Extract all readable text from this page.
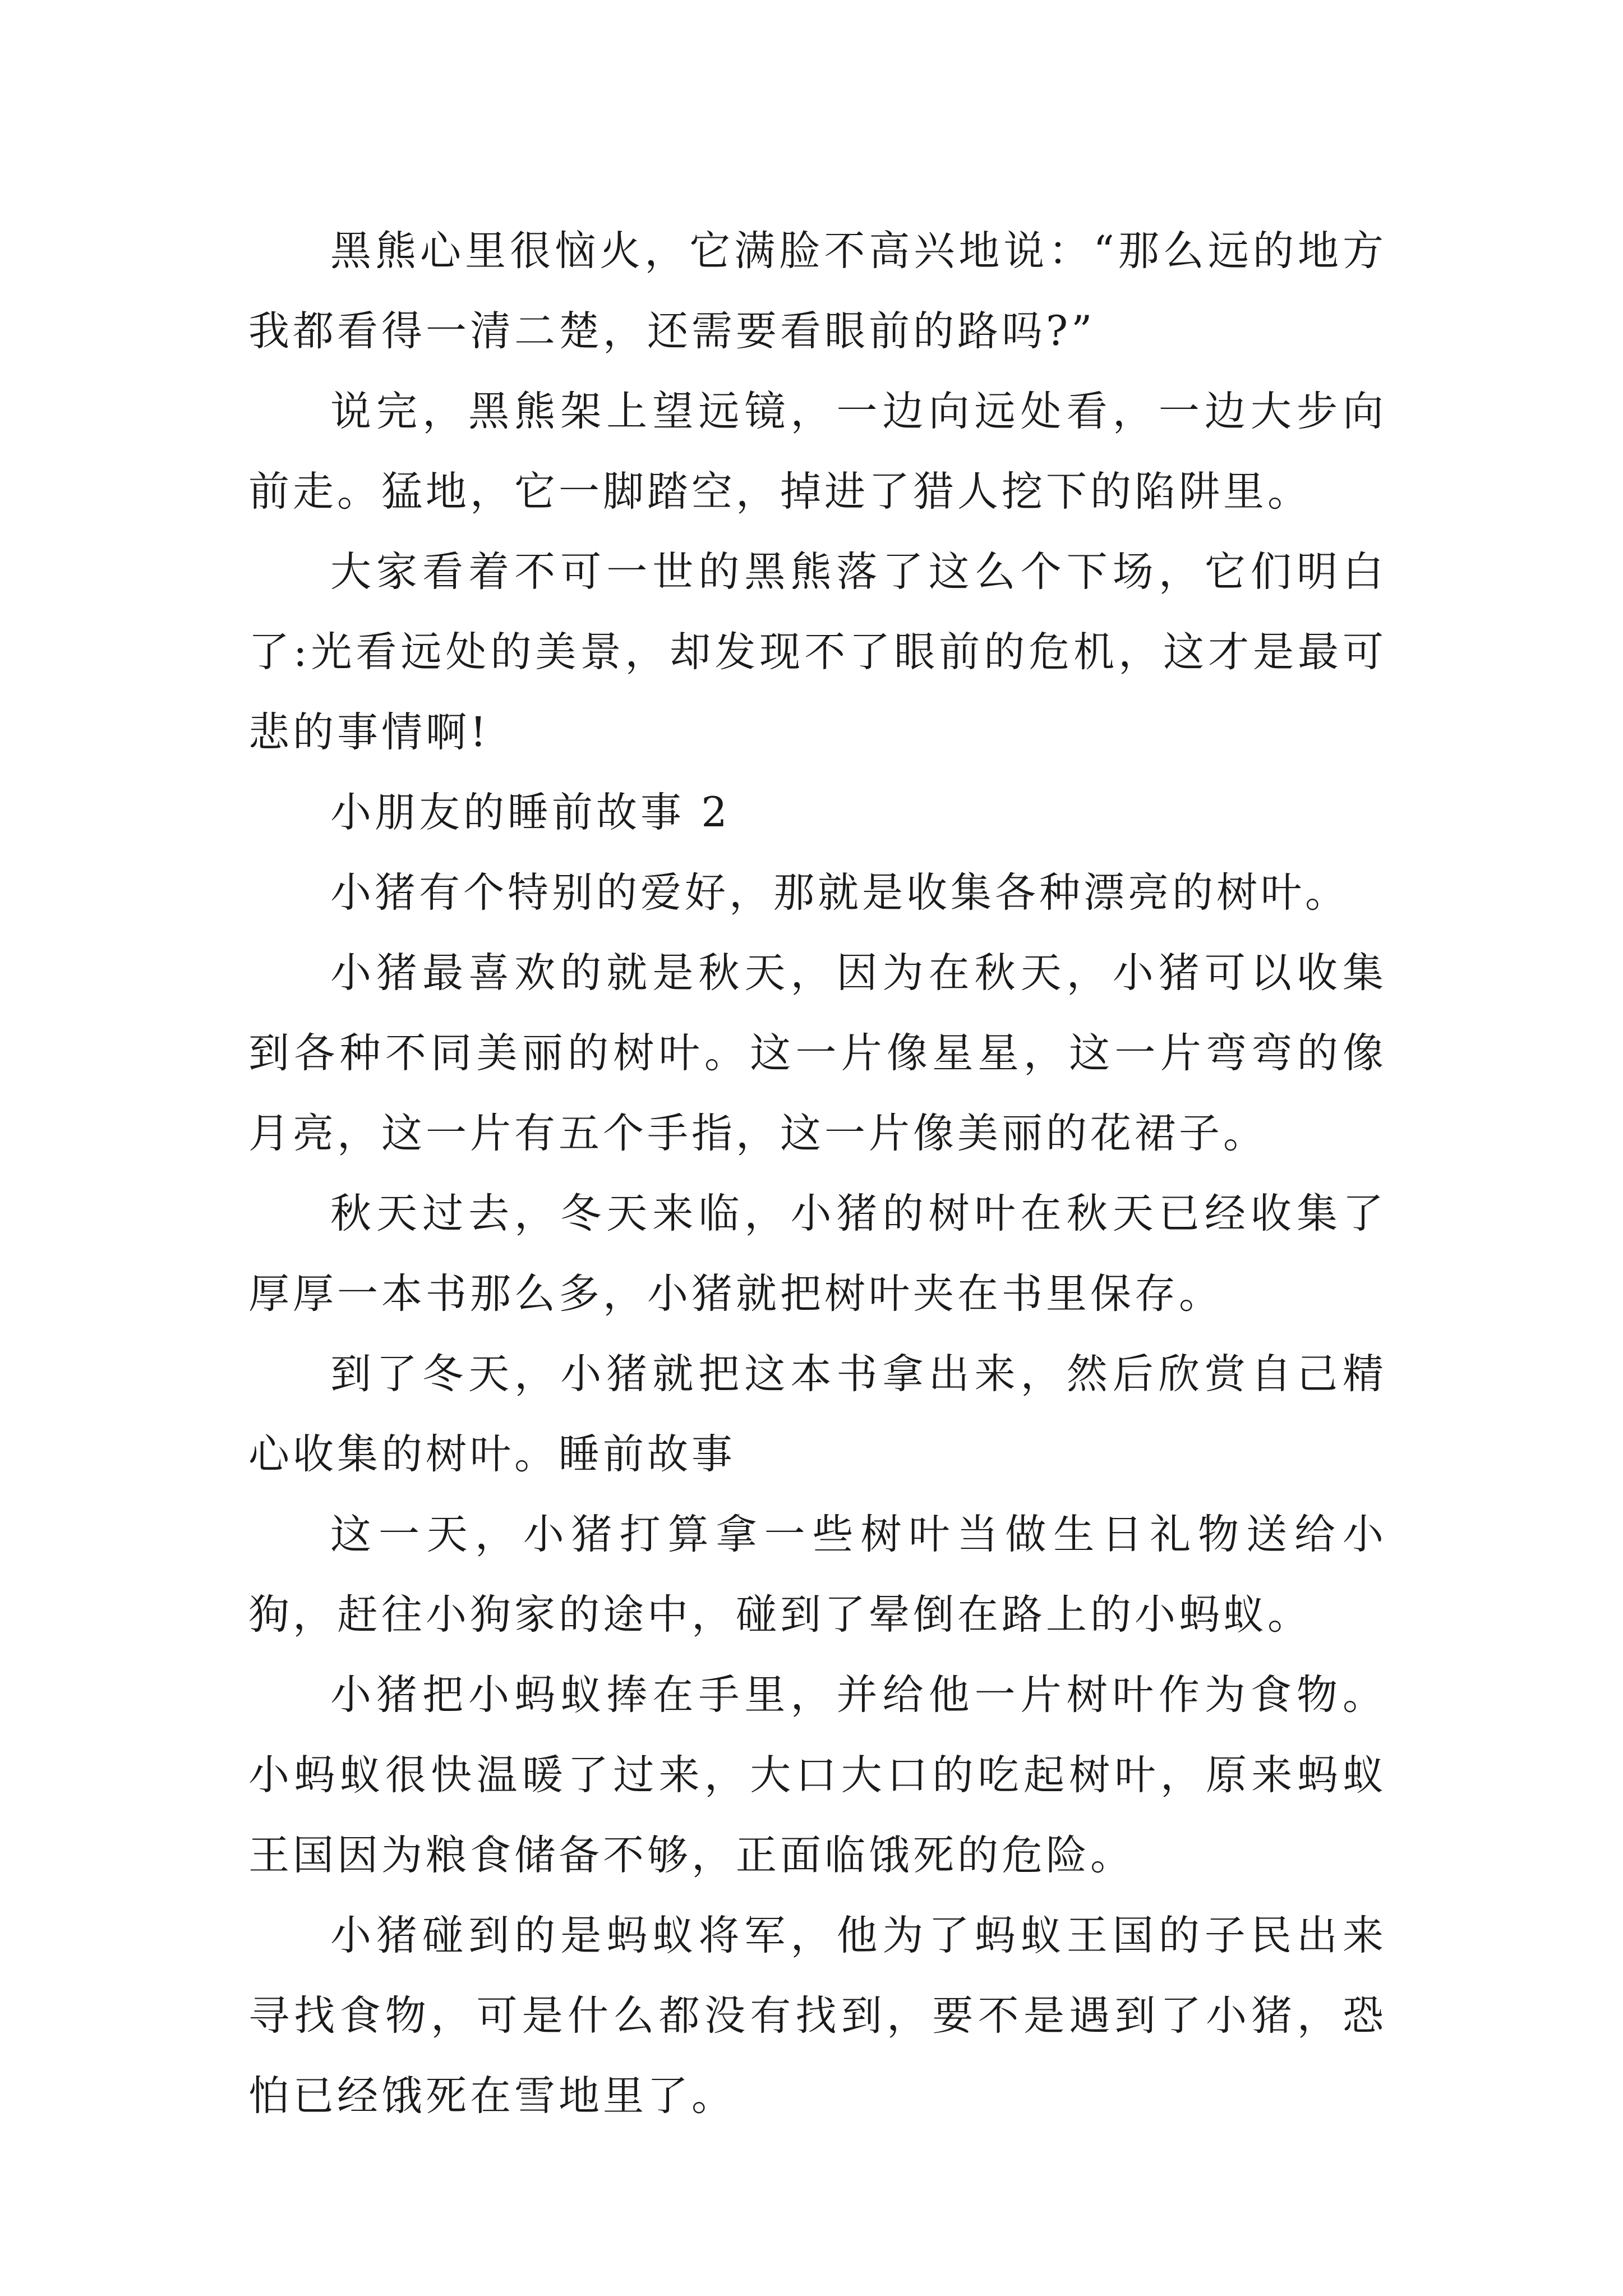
黑熊心里很恼火，它满脸不高兴地说：“那么远的地方我都看得一清二楚，还需要看眼前的路吗?”

说完，黑熊架上望远镜，一边向远处看，一边大步向前走。猛地，它一脚踏空，掉进了猎人挖下的陷阱里。

大家看着不可一世的黑熊落了这么个下场，它们明白了:光看远处的美景，却发现不了眼前的危机，这才是最可悲的事情啊!

小朋友的睡前故事 2

小猪有个特别的爱好，那就是收集各种漂亮的树叶。

小猪最喜欢的就是秋天，因为在秋天，小猪可以收集到各种不同美丽的树叶。这一片像星星，这一片弯弯的像月亮，这一片有五个手指，这一片像美丽的花裙子。

秋天过去，冬天来临，小猪的树叶在秋天已经收集了厚厚一本书那么多，小猪就把树叶夹在书里保存。

到了冬天，小猪就把这本书拿出来，然后欣赏自己精心收集的树叶。睡前故事

这一天，小猪打算拿一些树叶当做生日礼物送给小狗，赶往小狗家的途中，碰到了晕倒在路上的小蚂蚁。

小猪把小蚂蚁捧在手里，并给他一片树叶作为食物。小蚂蚁很快温暖了过来，大口大口的吃起树叶，原来蚂蚁王国因为粮食储备不够，正面临饿死的危险。

小猪碰到的是蚂蚁将军，他为了蚂蚁王国的子民出来寻找食物，可是什么都没有找到，要不是遇到了小猪，恐怕已经饿死在雪地里了。
